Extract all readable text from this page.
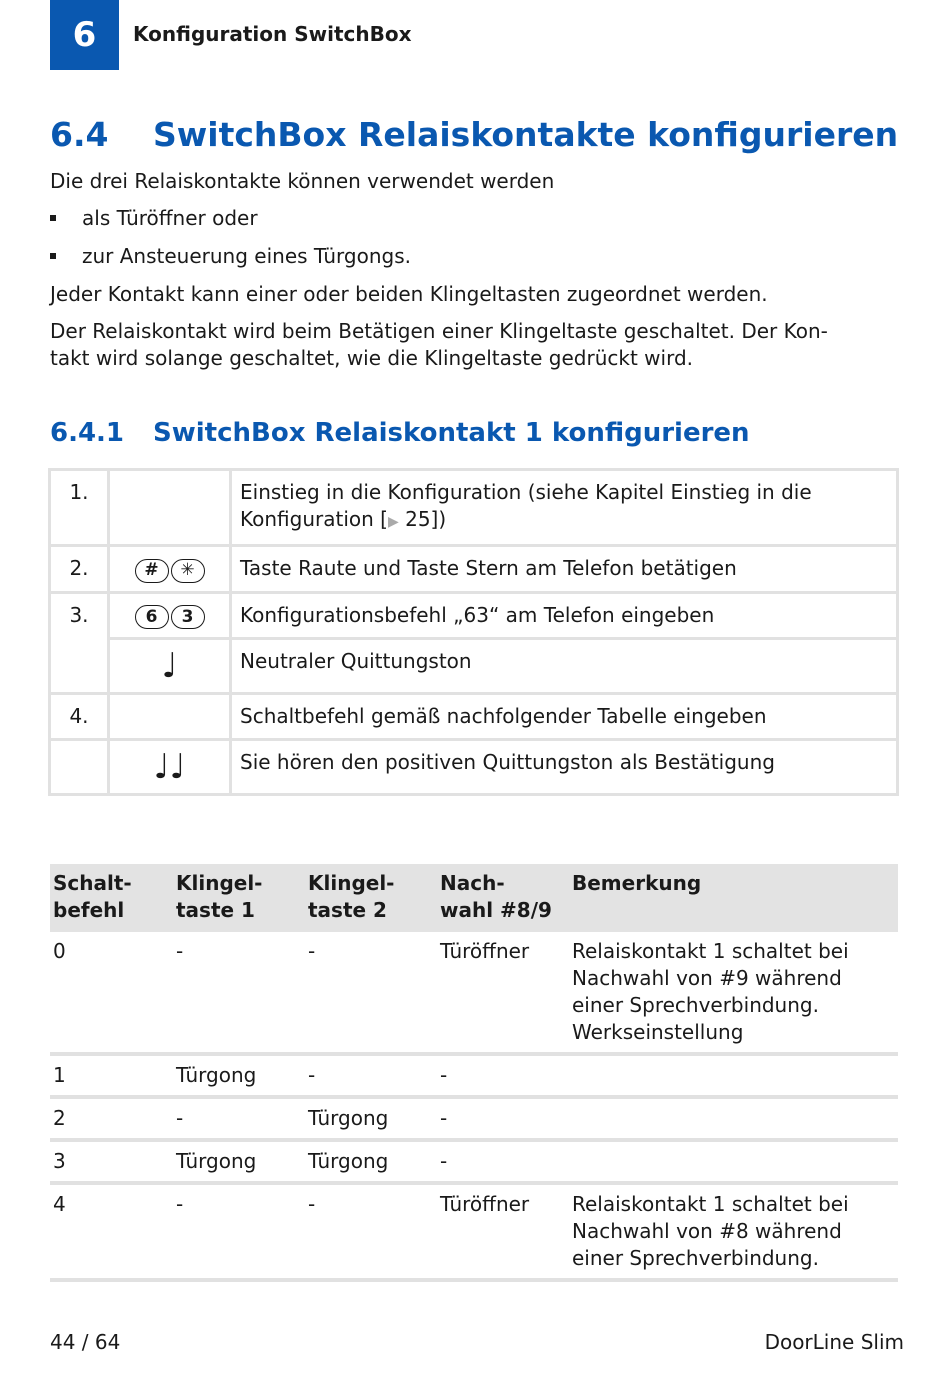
6 Konfiguration SwitchBox
6.4 SwitchBox Relaiskontakte konfigurieren

Die drei Relaiskontakte können verwendet werden

als Türöffner oder
zur Ansteuerung eines Türgongs.

Jeder Kontakt kann einer oder beiden Klingeltasten zugeordnet werden.

Der Relaiskontakt wird beim Betätigen einer Klingeltaste geschaltet. Der Kon-
takt wird solange geschaltet, wie die Klingeltaste gedrückt wird.

6.4.1 SwitchBox Relaiskontakt 1 konfigurieren
1.		Einstieg in die Konfiguration (siehe Kapitel Einstieg in die
Konfiguration [▶ 25])
2.	# ✳	Taste Raute und Taste Stern am Telefon betätigen
3.	6 3	Konfigurationsbefehl „63“ am Telefon eingeben
	♩	Neutraler Quittungston
4.		Schaltbefehl gemäß nachfolgender Tabelle eingeben
	♩♩	Sie hören den positiven Quittungston als Bestätigung
Schalt-
befehl	Klingel-
taste 1	Klingel-
taste 2	Nach-
wahl #8/9	Bemerkung
0	-	-	Türöffner	Relaiskontakt 1 schaltet bei
Nachwahl von #9 während
einer Sprechverbindung.
Werkseinstellung
1	Türgong	-	-	
2	-	Türgong	-	
3	Türgong	Türgong	-	
4	-	-	Türöffner	Relaiskontakt 1 schaltet bei
Nachwahl von #8 während
einer Sprechverbindung.
44 / 64	DoorLine Slim
